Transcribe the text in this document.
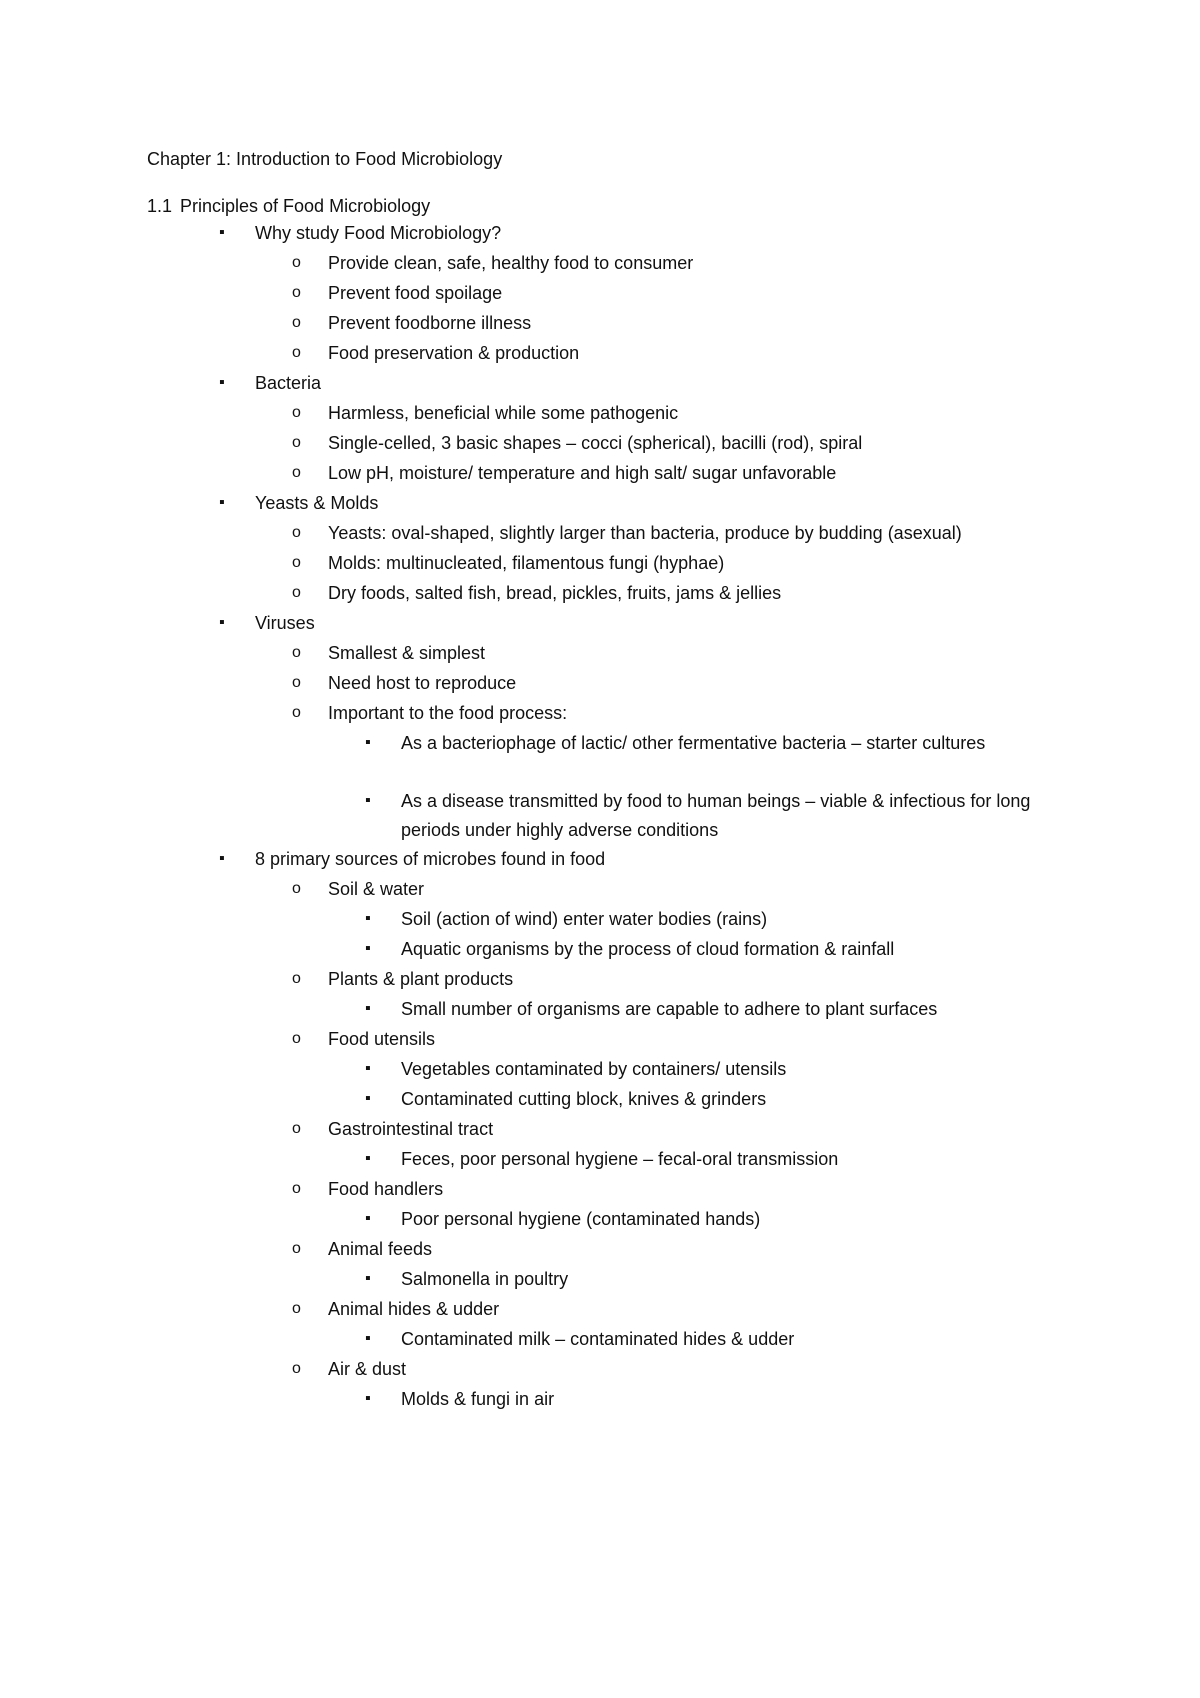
Chapter 1: Introduction to Food Microbiology
1.1 Principles of Food Microbiology
▪ Why study Food Microbiology?
o Provide clean, safe, healthy food to consumer
o Prevent food spoilage
o Prevent foodborne illness
o Food preservation & production
▪ Bacteria
o Harmless, beneficial while some pathogenic
o Single-celled, 3 basic shapes – cocci (spherical), bacilli (rod), spiral
o Low pH, moisture/ temperature and high salt/ sugar unfavorable
▪ Yeasts & Molds
o Yeasts: oval-shaped, slightly larger than bacteria, produce by budding (asexual)
o Molds: multinucleated, filamentous fungi (hyphae)
o Dry foods, salted fish, bread, pickles, fruits, jams & jellies
▪ Viruses
o Smallest & simplest
o Need host to reproduce
o Important to the food process:
▪ As a bacteriophage of lactic/ other fermentative bacteria – starter cultures
▪ As a disease transmitted by food to human beings – viable & infectious for long periods under highly adverse conditions
▪ 8 primary sources of microbes found in food
o Soil & water
▪ Soil (action of wind) enter water bodies (rains)
▪ Aquatic organisms by the process of cloud formation & rainfall
o Plants & plant products
▪ Small number of organisms are capable to adhere to plant surfaces
o Food utensils
▪ Vegetables contaminated by containers/ utensils
▪ Contaminated cutting block, knives & grinders
o Gastrointestinal tract
▪ Feces, poor personal hygiene – fecal-oral transmission
o Food handlers
▪ Poor personal hygiene (contaminated hands)
o Animal feeds
▪ Salmonella in poultry
o Animal hides & udder
▪ Contaminated milk – contaminated hides & udder
o Air & dust
▪ Molds & fungi in air
